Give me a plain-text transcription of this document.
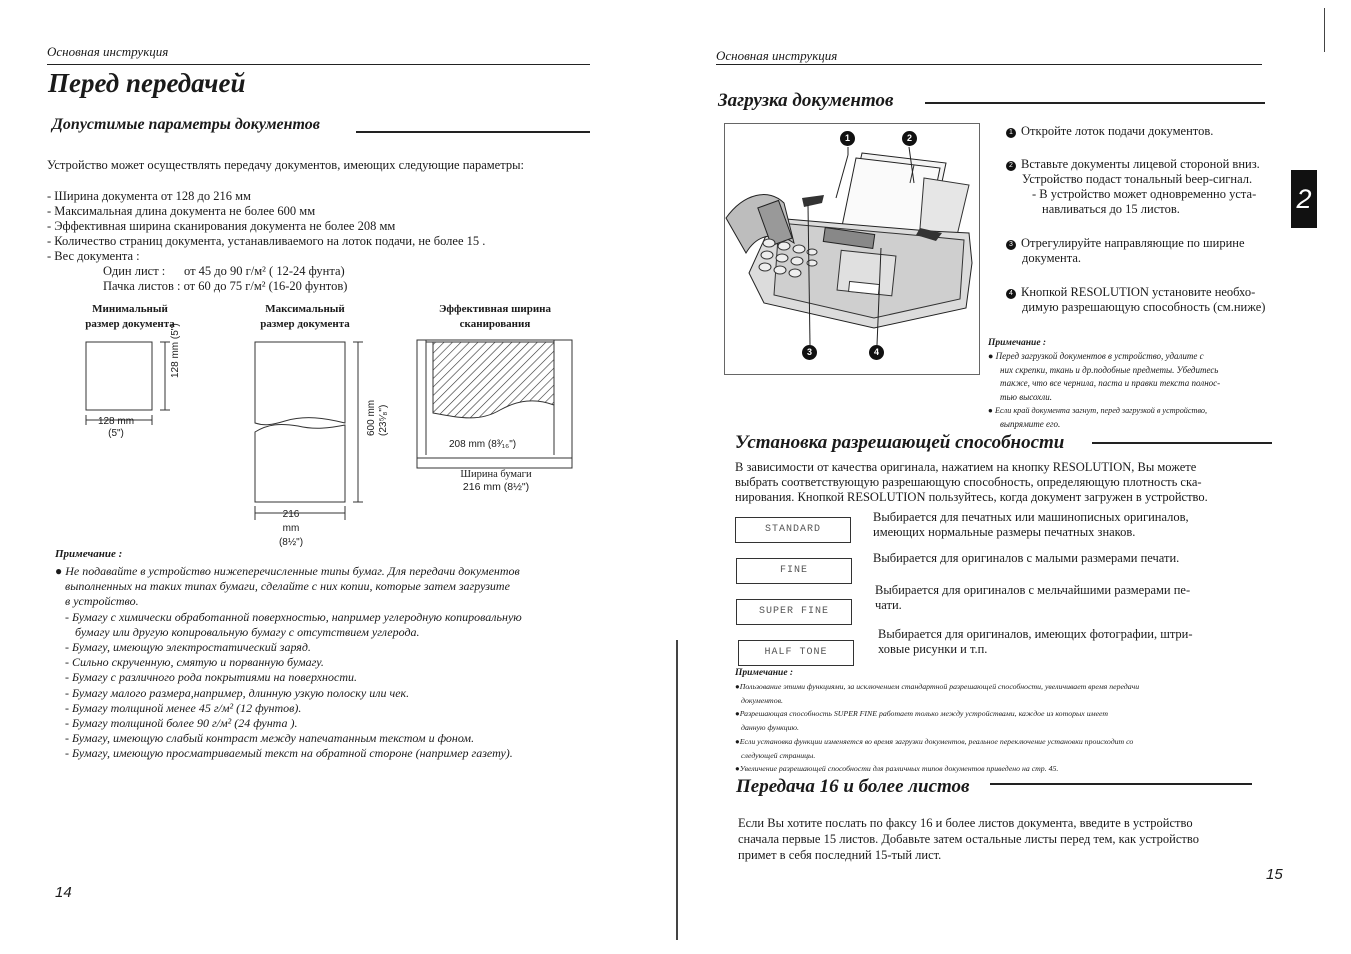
Основная инструкция
Перед передачей
Допустимые параметры документов
Устройство может осуществлять передачу документов, имеющих следующие параметры:
- Ширина документа от 128 до 216 мм
- Максимальная длина документа не более 600 мм
- Эффективная ширина сканирования документа не более 208 мм
- Количество страниц документа, устанавливаемого на лоток подачи, не более 15 .
- Вес документа :
Один лист :      от 45 до 90 г/м² ( 12-24 фунта)
Пачка листов : от 60 до 75 г/м² (16-20 фунтов)
Минимальный
размер документа
Максимальный
размер документа
Эффективная ширина
сканирования
128 mm
(5")
128 mm (5")
600 mm (23⁵⁄₈")
216 mm
(8½")
208 mm (8³⁄₁₆")
Ширина бумаги
216 mm (8½")
Примечание :
● Не подавайте в устройство нижеперечисленные типы бумаг. Для передачи документов
выполненных на таких типах бумаги, сделайте с них копии, которые затем загрузите
в устройство.
- Бумагу с химически обработанной поверхностью, например углеродную копировальную
бумагу или другую копировальную бумагу с отсутствием углерода.
- Бумагу, имеющую электростатический заряд.
- Сильно скрученную, смятую и порванную бумагу.
- Бумагу с различного рода покрытиями на поверхности.
- Бумагу малого размера,например, длинную узкую полоску или чек.
- Бумагу толщиной менее 45 г/м² (12 фунтов).
- Бумагу толщиной более 90 г/м² (24 фунта ).
- Бумагу, имеющую слабый контраст между напечатанным текстом и фоном.
- Бумагу, имеющую просматриваемый текст на обратной стороне (например газету).
14
Основная инструкция
2
Загрузка документов
1	2
3	4
1 Откройте лоток подачи документов.
2 Вставьте документы лицевой стороной вниз.
Устройство подаст тональный beep-сигнал.
- В устройство может одновременно уста-
навливаться до 15 листов.
3 Отрегулируйте направляющие по ширине
документа.
4 Кнопкой RESOLUTION установите необхо-
димую разрешающую способность (см.ниже)
Примечание :
● Перед загрузкой документов в устройство, удалите с
них скрепки, ткань и др.подобные предметы. Убедитесь
также, что все чернила, паста и правки текста полнос-
тью высохли.
● Если край документа загнут, перед загрузкой в устройство,
выпрямите его.
Установка разрешающей способности
В зависимости от качества оригинала, нажатием на кнопку RESOLUTION, Вы можете
выбрать соответствующую разрешающую способность, определяющую плотность ска-
нирования. Кнопкой RESOLUTION пользуйтесь, когда документ загружен в устройство.
STANDARD
Выбирается для печатных или машинописных оригиналов,
имеющих нормальные размеры печатных знаков.
FINE
Выбирается для оригиналов с малыми размерами печати.
SUPER FINE
Выбирается для оригиналов с мельчайшими размерами пе-
чати.
HALF TONE
Выбирается для оригиналов, имеющих фотографии, штри-
ховые рисунки и т.п.
Примечание :
●Пользование этими функциями, за исключением стандартной разрешающей способности, увеличивает время передачи
документов.
●Разрешающая способность SUPER FINE работает только между устройствами, каждое из которых имеет
данную функцию.
●Если установка функции изменяется во время загрузки документов, реальное переключение установки происходит со
следующей страницы.
●Увеличение разрешающей способности для различных типов документов приведено на стр. 45.
Передача 16 и более листов
Если Вы хотите послать по факсу 16 и более листов документа, введите в устройство
сначала первые 15 листов. Добавьте затем остальные листы перед тем, как устройство
примет в себя последний 15-тый лист.
15
